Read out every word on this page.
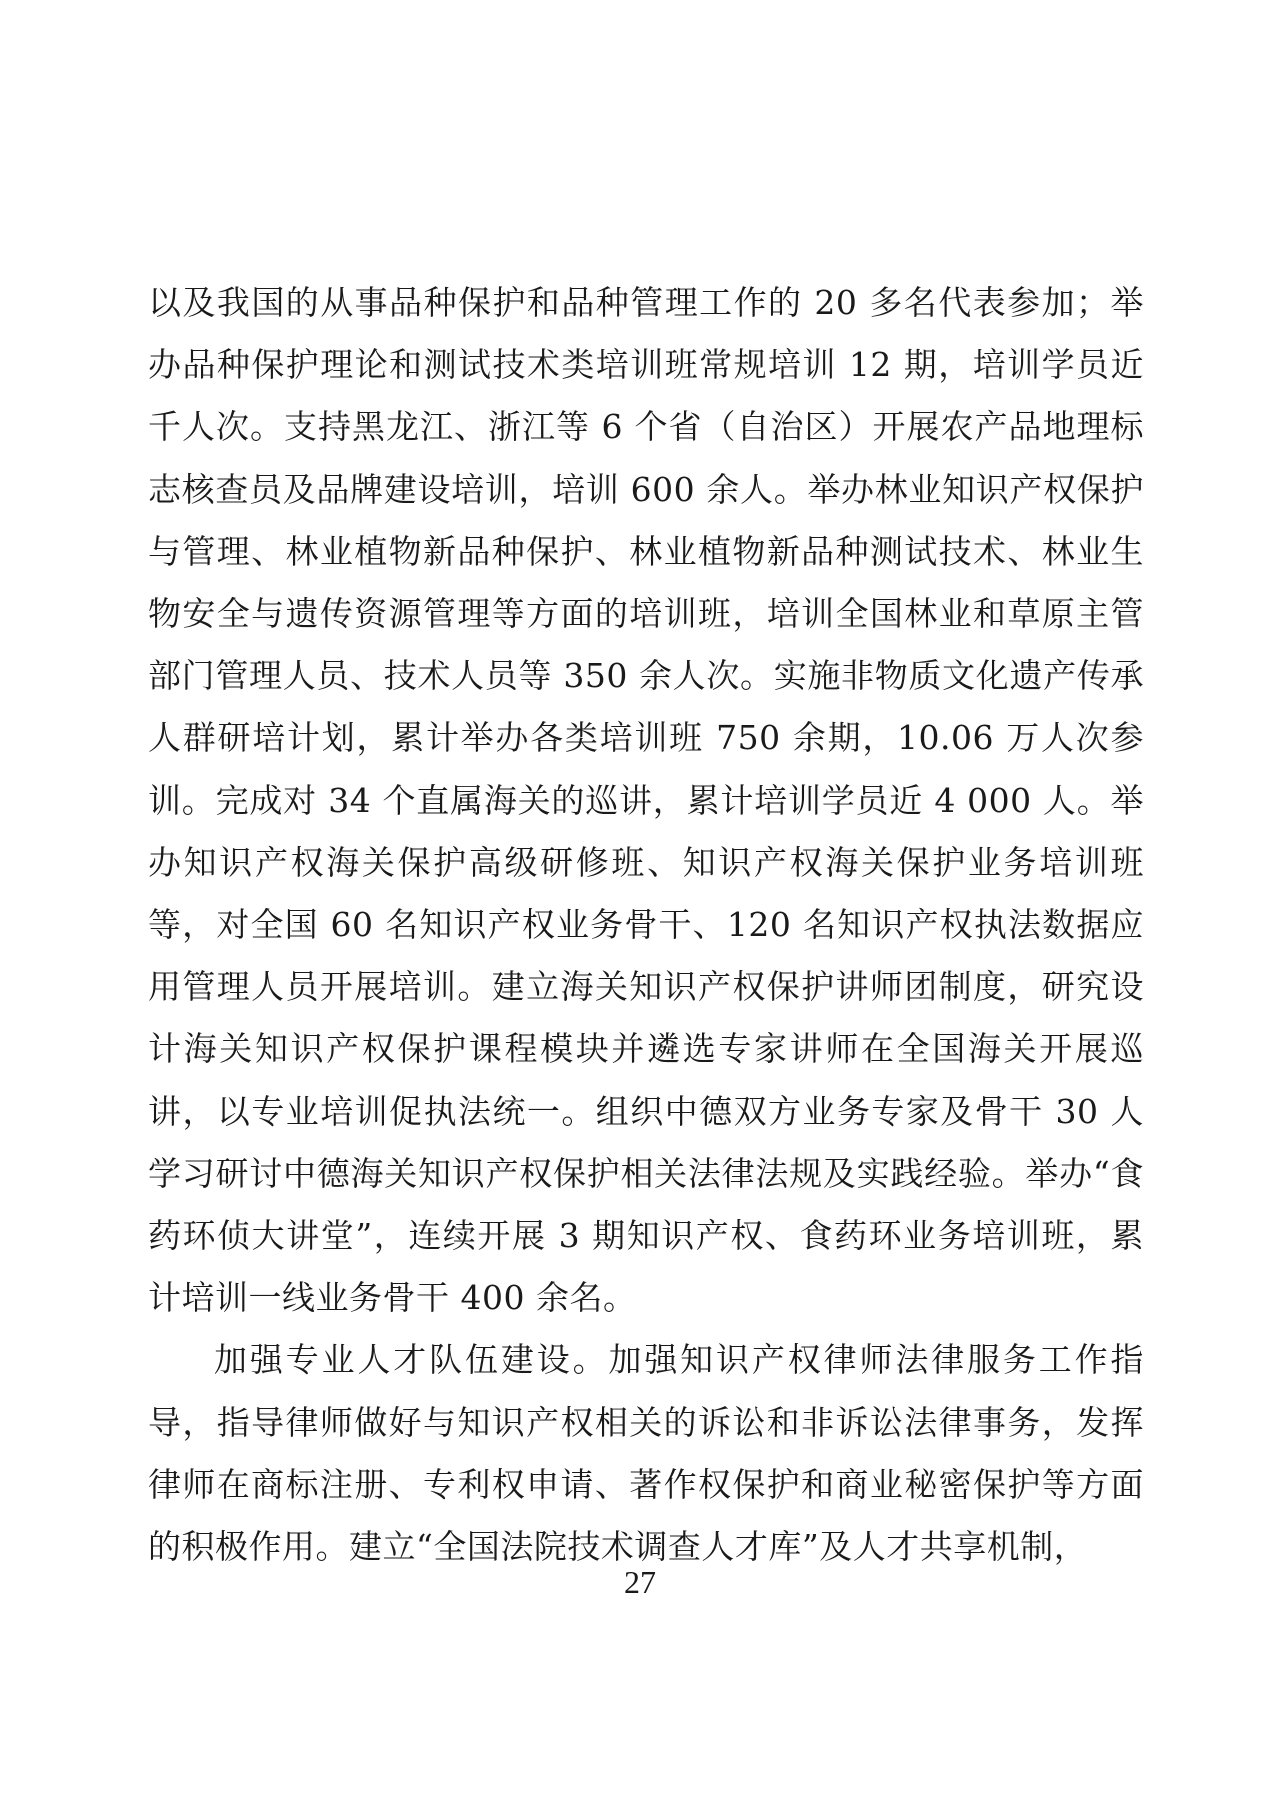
以及我国的从事品种保护和品种管理工作的 20 多名代表参加；举办品种保护理论和测试技术类培训班常规培训 12 期，培训学员近千人次。支持黑龙江、浙江等 6 个省（自治区）开展农产品地理标志核查员及品牌建设培训，培训 600 余人。举办林业知识产权保护与管理、林业植物新品种保护、林业植物新品种测试技术、林业生物安全与遗传资源管理等方面的培训班，培训全国林业和草原主管部门管理人员、技术人员等 350 余人次。实施非物质文化遗产传承人群研培计划，累计举办各类培训班 750 余期，10.06 万人次参训。完成对 34 个直属海关的巡讲，累计培训学员近 4 000 人。举办知识产权海关保护高级研修班、知识产权海关保护业务培训班等，对全国 60 名知识产权业务骨干、120 名知识产权执法数据应用管理人员开展培训。建立海关知识产权保护讲师团制度，研究设计海关知识产权保护课程模块并遴选专家讲师在全国海关开展巡讲，以专业培训促执法统一。组织中德双方业务专家及骨干 30 人学习研讨中德海关知识产权保护相关法律法规及实践经验。举办“食药环侦大讲堂”，连续开展 3 期知识产权、食药环业务培训班，累计培训一线业务骨干 400 余名。

加强专业人才队伍建设。加强知识产权律师法律服务工作指导，指导律师做好与知识产权相关的诉讼和非诉讼法律事务，发挥律师在商标注册、专利权申请、著作权保护和商业秘密保护等方面的积极作用。建立“全国法院技术调查人才库”及人才共享机制，

27
